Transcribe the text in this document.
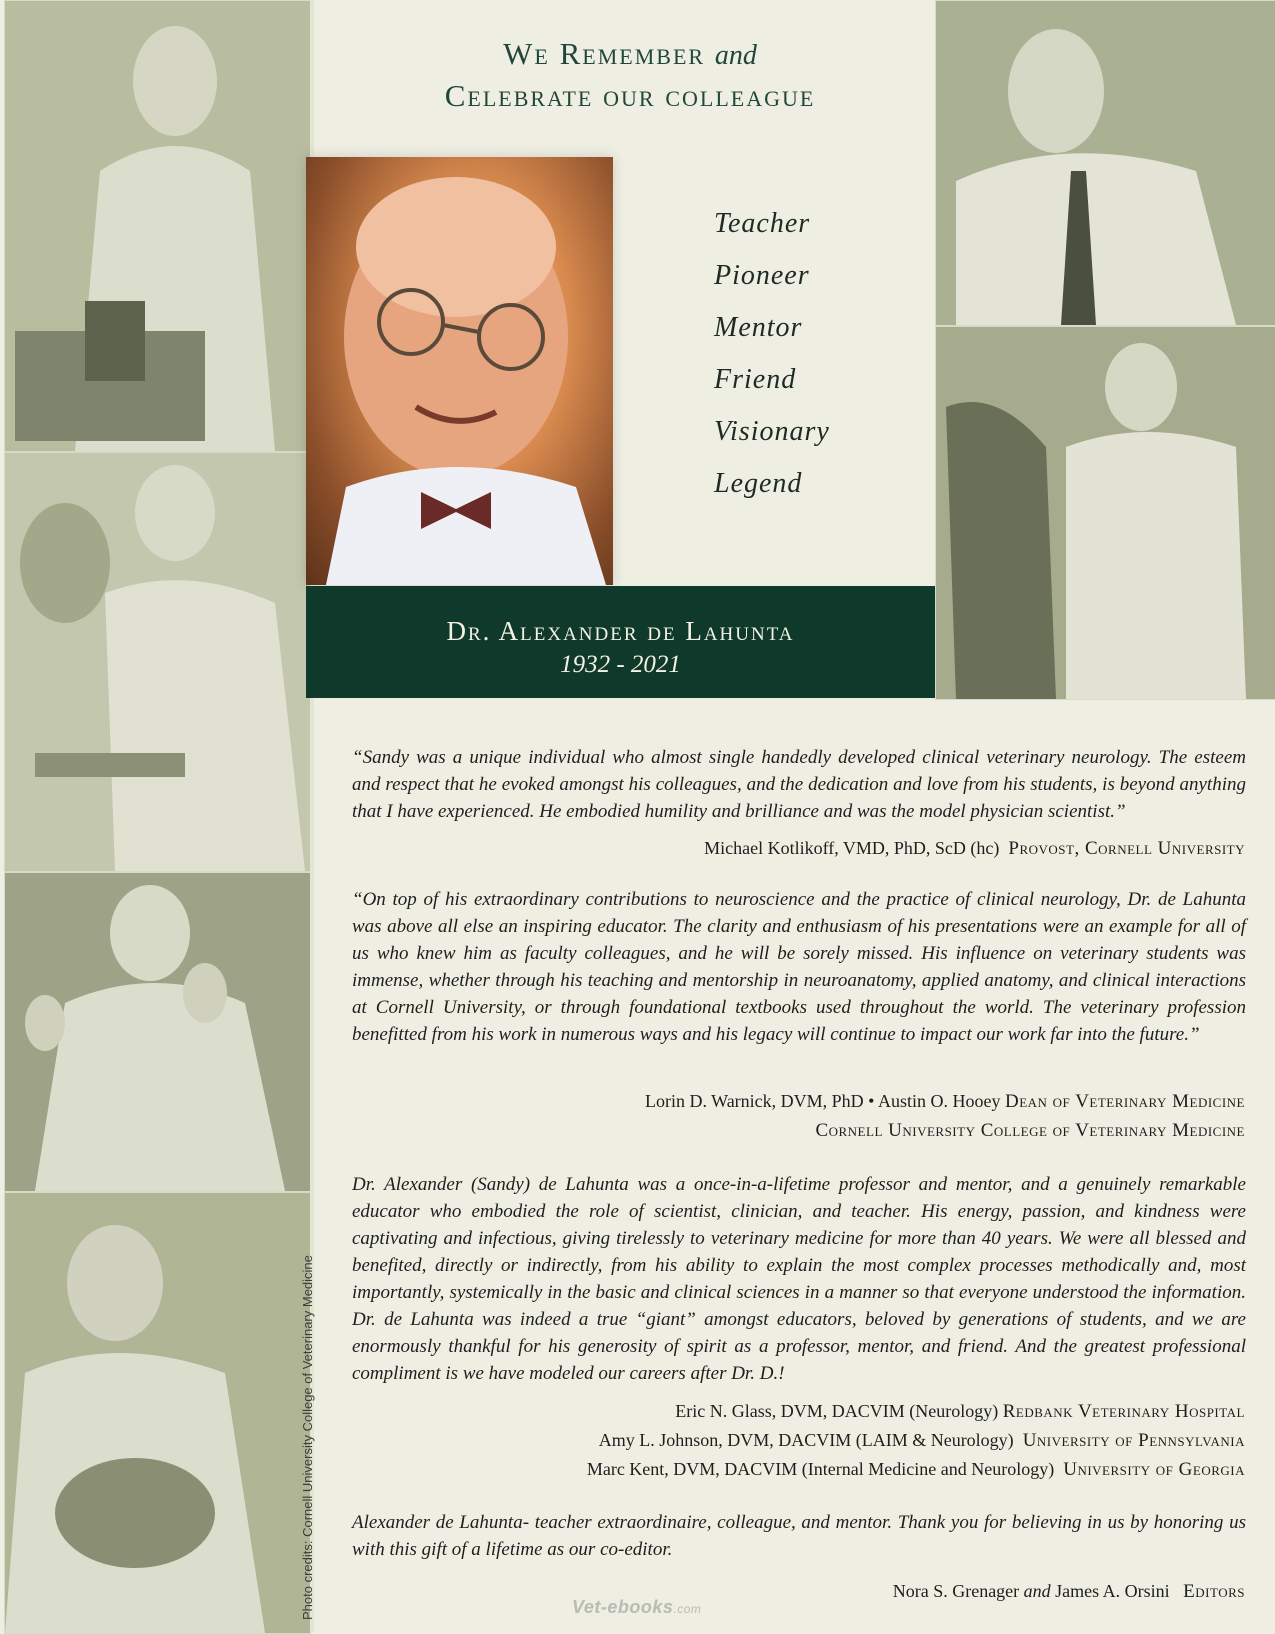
Photo credits: Cornell University College of Veterinary Medicine
We Remember and
Celebrate our colleague
Teacher
Pioneer
Mentor
Friend
Visionary
Legend
Dr. Alexander de Lahunta
1932 - 2021
“Sandy was a unique individual who almost single handedly developed clinical veterinary neurology. The esteem and respect that he evoked amongst his colleagues, and the dedication and love from his students, is beyond anything that I have experienced. He embodied humility and brilliance and was the model physician scientist.”
Michael Kotlikoff, VMD, PhD, ScD (hc) Provost, Cornell University
“On top of his extraordinary contributions to neuroscience and the practice of clinical neurology, Dr. de Lahunta was above all else an inspiring educator. The clarity and enthusiasm of his presentations were an example for all of us who knew him as faculty colleagues, and he will be sorely missed. His influence on veterinary students was immense, whether through his teaching and mentorship in neuroanatomy, applied anatomy, and clinical interactions at Cornell University, or through foundational textbooks used throughout the world. The veterinary profession benefitted from his work in numerous ways and his legacy will continue to impact our work far into the future.”
Lorin D. Warnick, DVM, PhD • Austin O. Hooey Dean of Veterinary Medicine
Cornell University College of Veterinary Medicine
Dr. Alexander (Sandy) de Lahunta was a once-in-a-lifetime professor and mentor, and a genuinely remarkable educator who embodied the role of scientist, clinician, and teacher. His energy, passion, and kindness were captivating and infectious, giving tirelessly to veterinary medicine for more than 40 years. We were all blessed and benefited, directly or indirectly, from his ability to explain the most complex processes methodically and, most importantly, systemically in the basic and clinical sciences in a manner so that everyone understood the information. Dr. de Lahunta was indeed a true “giant” amongst educators, beloved by generations of students, and we are enormously thankful for his generosity of spirit as a professor, mentor, and friend. And the greatest professional compliment is we have modeled our careers after Dr. D.!
Eric N. Glass, DVM, DACVIM (Neurology) Redbank Veterinary Hospital
Amy L. Johnson, DVM, DACVIM (LAIM & Neurology) University of Pennsylvania
Marc Kent, DVM, DACVIM (Internal Medicine and Neurology) University of Georgia
Alexander de Lahunta- teacher extraordinaire, colleague, and mentor. Thank you for believing in us by honoring us with this gift of a lifetime as our co-editor.
Nora S. Grenager and James A. Orsini Editors
Vet-ebooks.com
